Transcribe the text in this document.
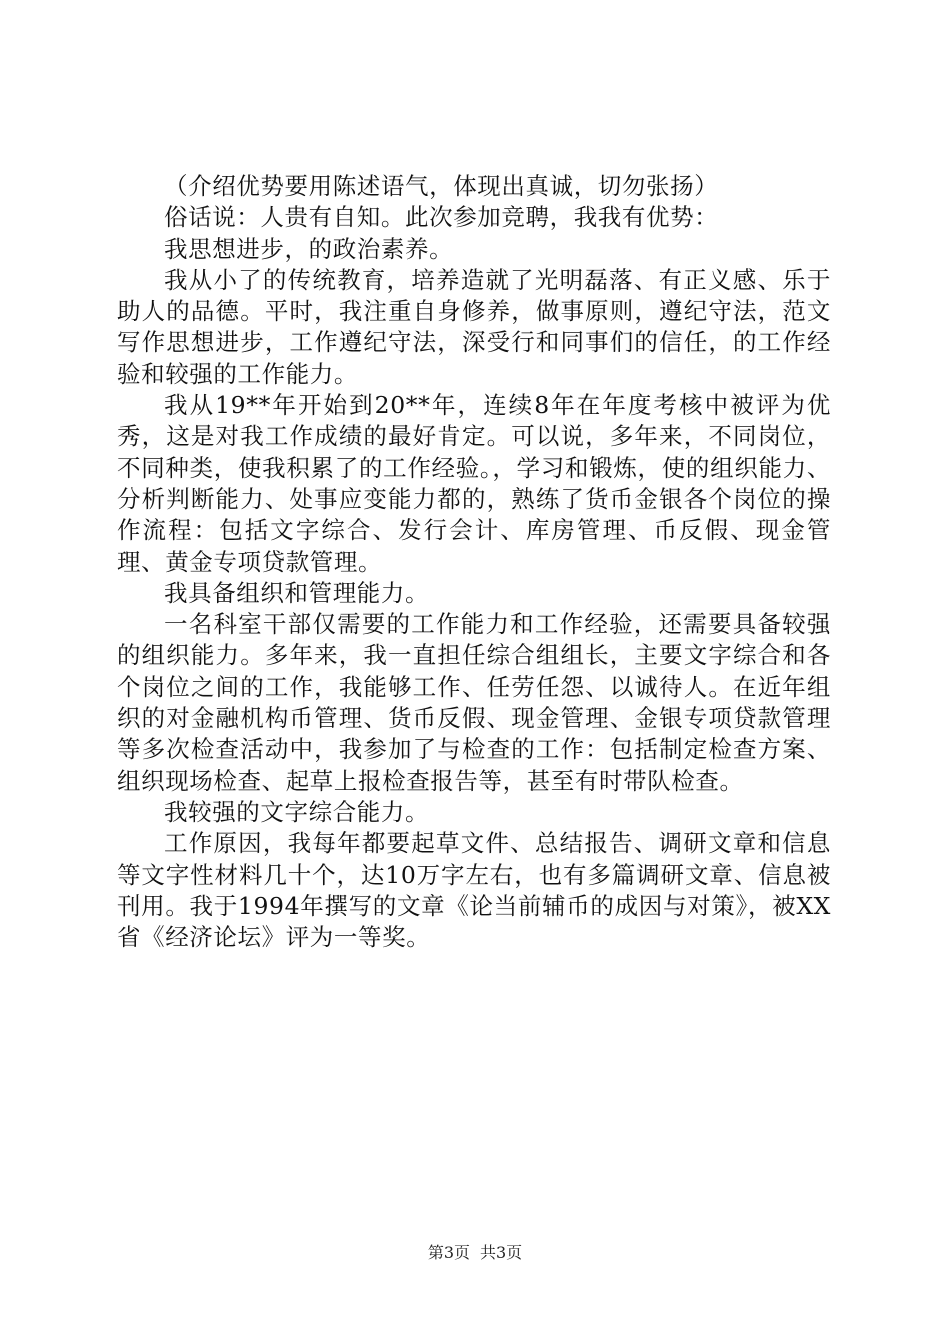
（介绍优势要用陈述语气，体现出真诚，切勿张扬）

俗话说：人贵有自知。此次参加竞聘，我我有优势：

我思想进步，的政治素养。

我从小了的传统教育，培养造就了光明磊落、有正义感、乐于助人的品德。平时，我注重自身修养，做事原则，遵纪守法，范文写作思想进步，工作遵纪守法，深受行和同事们的信任，的工作经验和较强的工作能力。

我从19**年开始到20**年，连续8年在年度考核中被评为优秀，这是对我工作成绩的最好肯定。可以说，多年来，不同岗位，不同种类，使我积累了的工作经验。，学习和锻炼，使的组织能力、分析判断能力、处事应变能力都的，熟练了货币金银各个岗位的操作流程：包括文字综合、发行会计、库房管理、币反假、现金管理、黄金专项贷款管理。

我具备组织和管理能力。

一名科室干部仅需要的工作能力和工作经验，还需要具备较强的组织能力。多年来，我一直担任综合组组长，主要文字综合和各个岗位之间的工作，我能够工作、任劳任怨、以诚待人。在近年组织的对金融机构币管理、货币反假、现金管理、金银专项贷款管理等多次检查活动中，我参加了与检查的工作：包括制定检查方案、组织现场检查、起草上报检查报告等，甚至有时带队检查。

我较强的文字综合能力。

工作原因，我每年都要起草文件、总结报告、调研文章和信息等文字性材料几十个，达10万字左右，也有多篇调研文章、信息被刊用。我于1994年撰写的文章《论当前辅币的成因与对策》，被XX省《经济论坛》评为一等奖。

第3页 共3页
